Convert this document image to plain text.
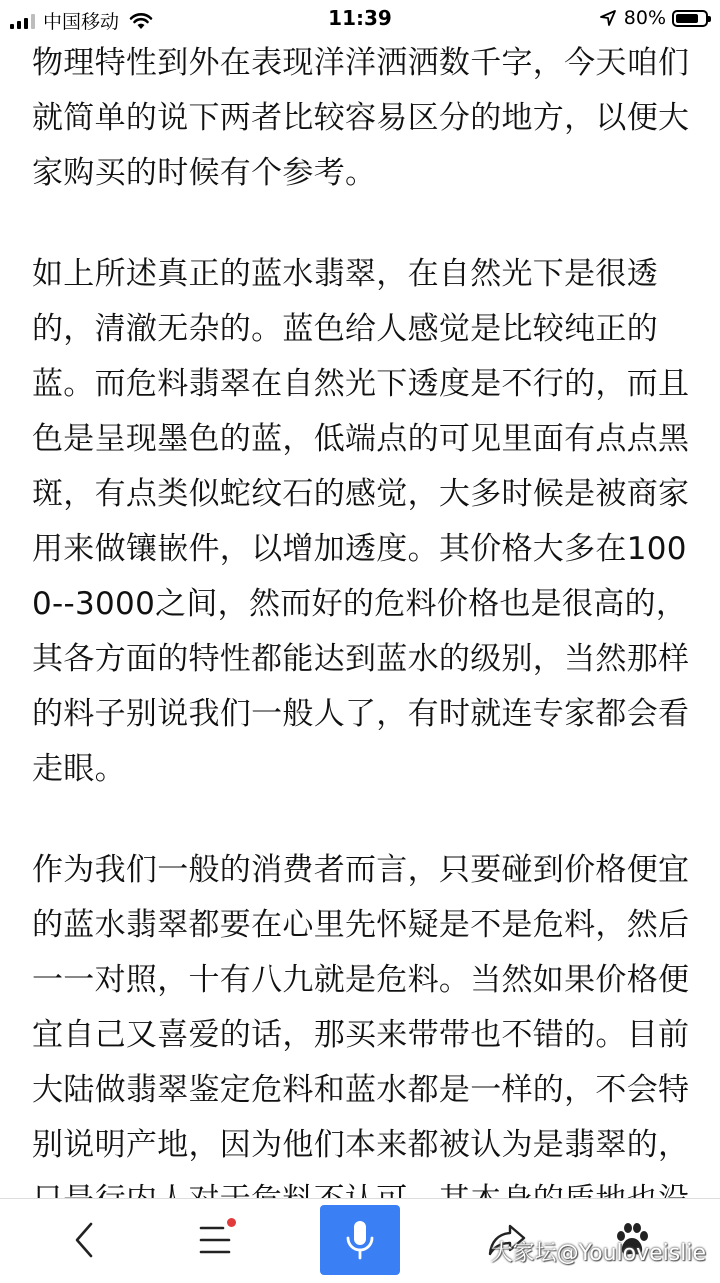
中国移动	11:39	80%

物理特性到外在表现洋洋洒洒数千字，今天咱们就简单的说下两者比较容易区分的地方，以便大家购买的时候有个参考。

如上所述真正的蓝水翡翠，在自然光下是很透的，清澈无杂的。蓝色给人感觉是比较纯正的蓝。而危料翡翠在自然光下透度是不行的，而且色是呈现墨色的蓝，低端点的可见里面有点点黑斑，有点类似蛇纹石的感觉，大多时候是被商家用来做镶嵌件，以增加透度。其价格大多在1000--3000之间，然而好的危料价格也是很高的，其各方面的特性都能达到蓝水的级别，当然那样的料子别说我们一般人了，有时就连专家都会看走眼。

作为我们一般的消费者而言，只要碰到价格便宜的蓝水翡翠都要在心里先怀疑是不是危料，然后一一对照，十有八九就是危料。当然如果价格便宜自己又喜爱的话，那买来带带也不错的。目前大陆做翡翠鉴定危料和蓝水都是一样的，不会特别说明产地，因为他们本来都被认为是翡翠的，

大家坛@Youloveislie
